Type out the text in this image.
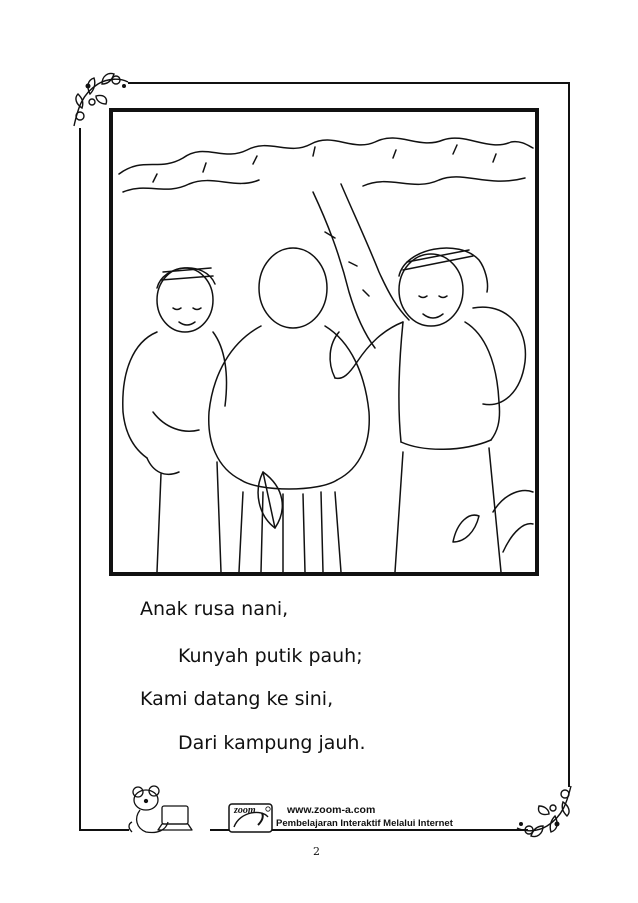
Anak rusa nani,
Kunyah putik pauh;
Kami datang ke sini,
Dari kampung jauh.
zoom	www.zoom-a.com
Pembelajaran Interaktif Melalui Internet
2
